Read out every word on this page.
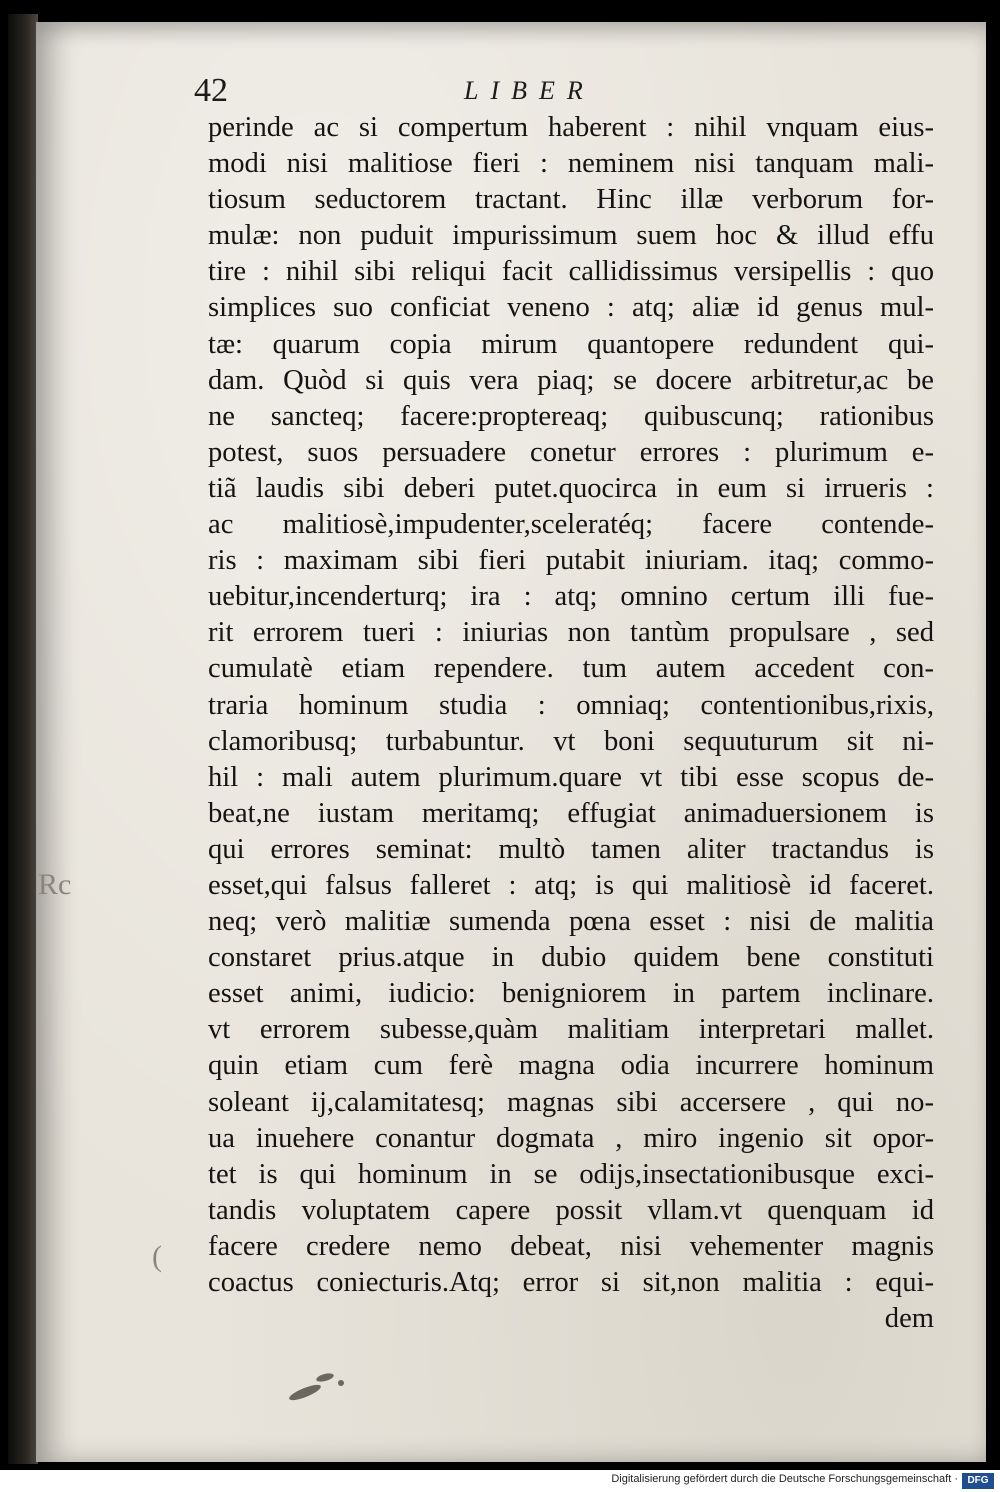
42	LIBER
perinde ac si compertum haberent : nihil vnquam eius-
modi nisi malitiose fieri : neminem nisi tanquam mali-
tiosum seductorem tractant. Hinc illæ verborum for-
mulæ: non puduit impurissimum suem hoc & illud effu
tire : nihil sibi reliqui facit callidissimus versipellis : quo
simplices suo conficiat veneno : atq; aliæ id genus mul-
tæ: quarum copia mirum quantopere redundent qui-
dam. Quòd si quis vera piaq; se docere arbitretur,ac be
ne sancteq; facere:proptereaq; quibuscunq; rationibus
potest, suos persuadere conetur errores : plurimum e-
tiã laudis sibi deberi putet.quocirca in eum si irrueris :
ac malitiosè,impudenter,sceleratéq; facere contende-
ris : maximam sibi fieri putabit iniuriam. itaq; commo-
uebitur,incenderturq; ira : atq; omnino certum illi fue-
rit errorem tueri : iniurias non tantùm propulsare , sed
cumulatè etiam rependere. tum autem accedent con-
traria hominum studia : omniaq; contentionibus,rixis,
clamoribusq; turbabuntur. vt boni sequuturum sit ni-
hil : mali autem plurimum.quare vt tibi esse scopus de-
beat,ne iustam meritamq; effugiat animaduersionem is
qui errores seminat: multò tamen aliter tractandus is
esset,qui falsus falleret : atq; is qui malitiosè id faceret.
neq; verò malitiæ sumenda pœna esset : nisi de malitia
constaret prius.atque in dubio quidem bene constituti
esset animi, iudicio: benigniorem in partem inclinare.
vt errorem subesse,quàm malitiam interpretari mallet.
quin etiam cum ferè magna odia incurrere hominum
soleant ij,calamitatesq; magnas sibi accersere , qui no-
ua inuehere conantur dogmata , miro ingenio sit opor-
tet is qui hominum in se odijs,insectationibusque exci-
tandis voluptatem capere possit vllam.vt quenquam id
facere credere nemo debeat, nisi vehementer magnis
coactus coniecturis.Atq; error si sit,non malitia : equi-
dem
Rc
(
Digitalisierung gefördert durch die Deutsche Forschungsgemeinschaft · DFG
